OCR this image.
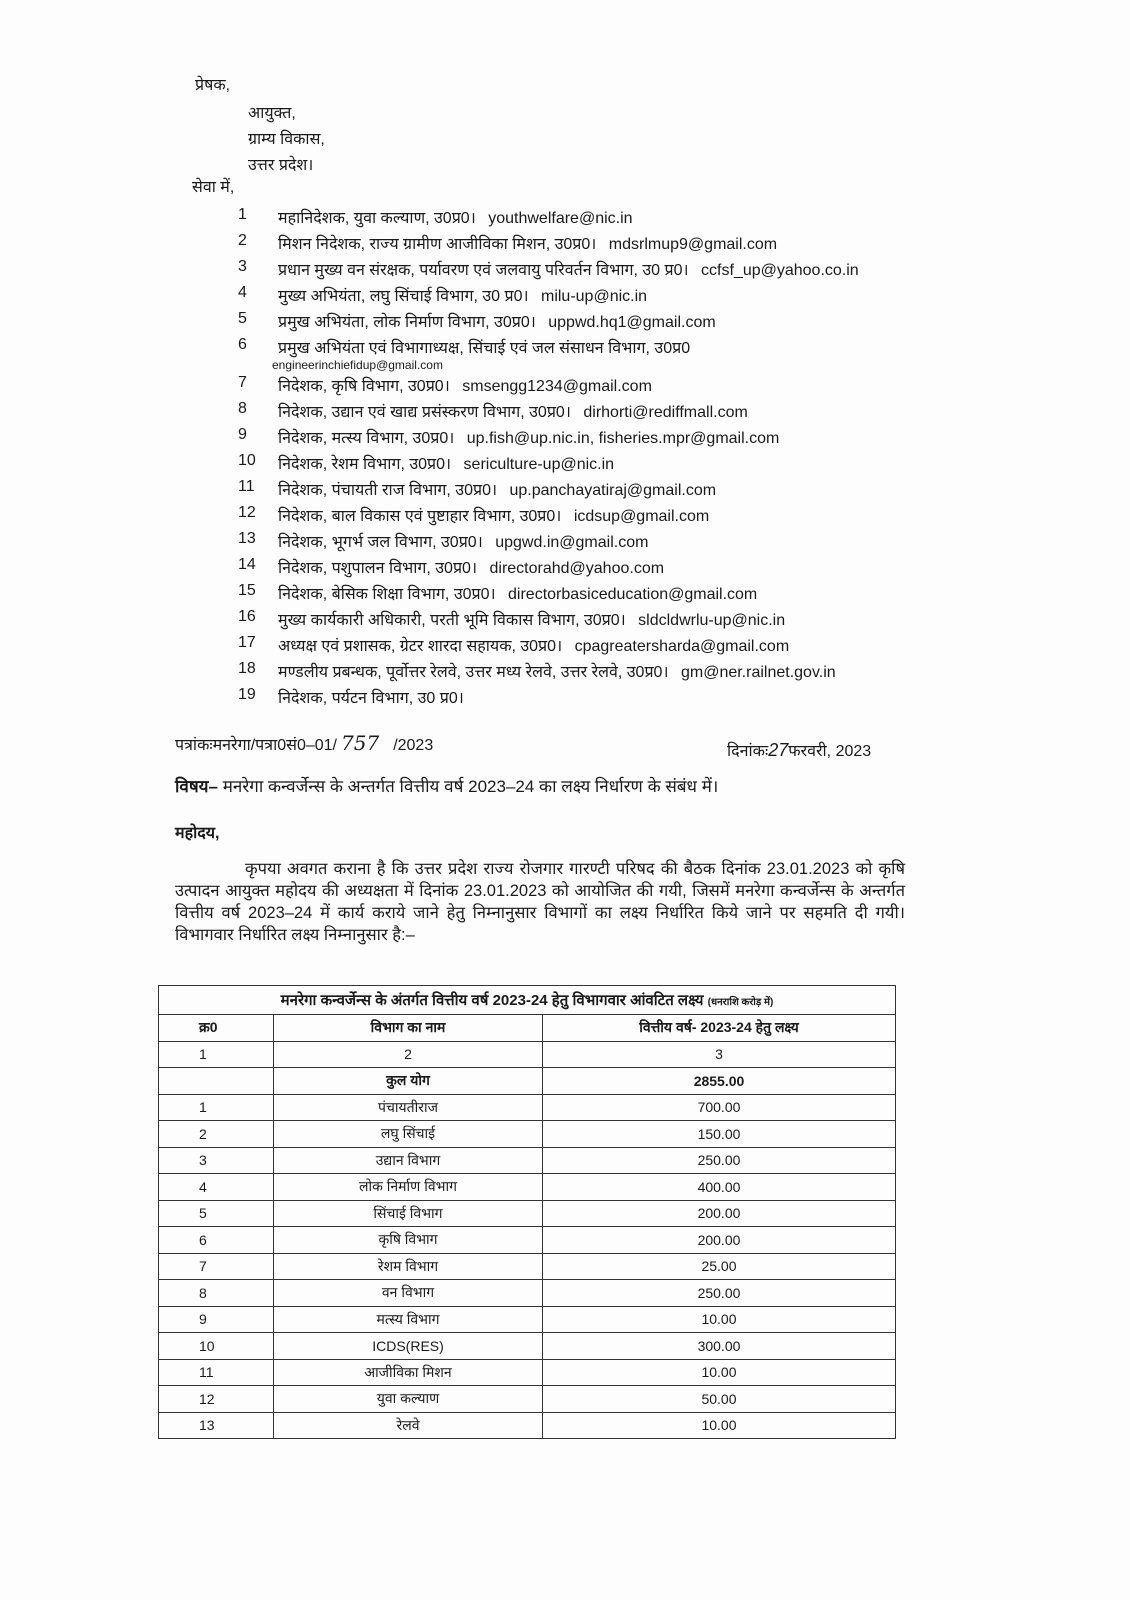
प्रेषक,
आयुक्त,
ग्राम्य विकास,
उत्तर प्रदेश।
सेवा में,
1	महानिदेशक, युवा कल्याण, उ0प्र0। youthwelfare@nic.in
2	मिशन निदेशक, राज्य ग्रामीण आजीविका मिशन, उ0प्र0। mdsrlmup9@gmail.com
3	प्रधान मुख्य वन संरक्षक, पर्यावरण एवं जलवायु परिवर्तन विभाग, उ0 प्र0। ccfsf_up@yahoo.co.in
4	मुख्य अभियंता, लघु सिंचाई विभाग, उ0 प्र0। milu-up@nic.in
5	प्रमुख अभियंता, लोक निर्माण विभाग, उ0प्र0। uppwd.hq1@gmail.com
6	प्रमुख अभियंता एवं विभागाध्यक्ष, सिंचाई एवं जल संसाधन विभाग, उ0प्र0
engineerinchiefidup@gmail.com
7	निदेशक, कृषि विभाग, उ0प्र0। smsengg1234@gmail.com
8	निदेशक, उद्यान एवं खाद्य प्रसंस्करण विभाग, उ0प्र0। dirhorti@rediffmall.com
9	निदेशक, मत्स्य विभाग, उ0प्र0। up.fish@up.nic.in, fisheries.mpr@gmail.com
10	निदेशक, रेशम विभाग, उ0प्र0। sericulture-up@nic.in
11	निदेशक, पंचायती राज विभाग, उ0प्र0। up.panchayatiraj@gmail.com
12	निदेशक, बाल विकास एवं पुष्टाहार विभाग, उ0प्र0। icdsup@gmail.com
13	निदेशक, भूगर्भ जल विभाग, उ0प्र0। upgwd.in@gmail.com
14	निदेशक, पशुपालन विभाग, उ0प्र0। directorahd@yahoo.com
15	निदेशक, बेसिक शिक्षा विभाग, उ0प्र0। directorbasiceducation@gmail.com
16	मुख्य कार्यकारी अधिकारी, परती भूमि विकास विभाग, उ0प्र0। sldcldwrlu-up@nic.in
17	अध्यक्ष एवं प्रशासक, ग्रेटर शारदा सहायक, उ0प्र0। cpagreatersharda@gmail.com
18	मण्डलीय प्रबन्धक, पूर्वोत्तर रेलवे, उत्तर मध्य रेलवे, उत्तर रेलवे, उ0प्र0। gm@ner.railnet.gov.in
19	निदेशक, पर्यटन विभाग, उ0 प्र0।
पत्रांकःमनरेगा/पत्रा0सं0–01/ 757 /2023	दिनांकः27फरवरी, 2023
विषय– मनरेगा कन्वर्जेन्स के अन्तर्गत वित्तीय वर्ष 2023–24 का लक्ष्य निर्धारण के संबंध में।
महोदय,
कृपया अवगत कराना है कि उत्तर प्रदेश राज्य रोजगार गारण्टी परिषद की बैठक दिनांक 23.01.2023 को कृषि उत्पादन आयुक्त महोदय की अध्यक्षता में दिनांक 23.01.2023 को आयोजित की गयी, जिसमें मनरेगा कन्वर्जेन्स के अन्तर्गत वित्तीय वर्ष 2023–24 में कार्य कराये जाने हेतु निम्नानुसार विभागों का लक्ष्य निर्धारित किये जाने पर सहमति दी गयी। विभागवार निर्धारित लक्ष्य निम्नानुसार है:–
मनरेगा कन्वर्जेन्स के अंतर्गत वित्तीय वर्ष 2023-24 हेतु विभागवार आंवटित लक्ष्य (धनराशि करोड़ में)		
क्र0	विभाग का नाम	वित्तीय वर्ष- 2023-24 हेतु लक्ष्य
1	2	3
	कुल योग	2855.00
1	पंचायतीराज	700.00
2	लघु सिंचाई	150.00
3	उद्यान विभाग	250.00
4	लोक निर्माण विभाग	400.00
5	सिंचाई विभाग	200.00
6	कृषि विभाग	200.00
7	रेशम विभाग	25.00
8	वन विभाग	250.00
9	मत्स्य विभाग	10.00
10	ICDS(RES)	300.00
11	आजीविका मिशन	10.00
12	युवा कल्याण	50.00
13	रेलवे	10.00
